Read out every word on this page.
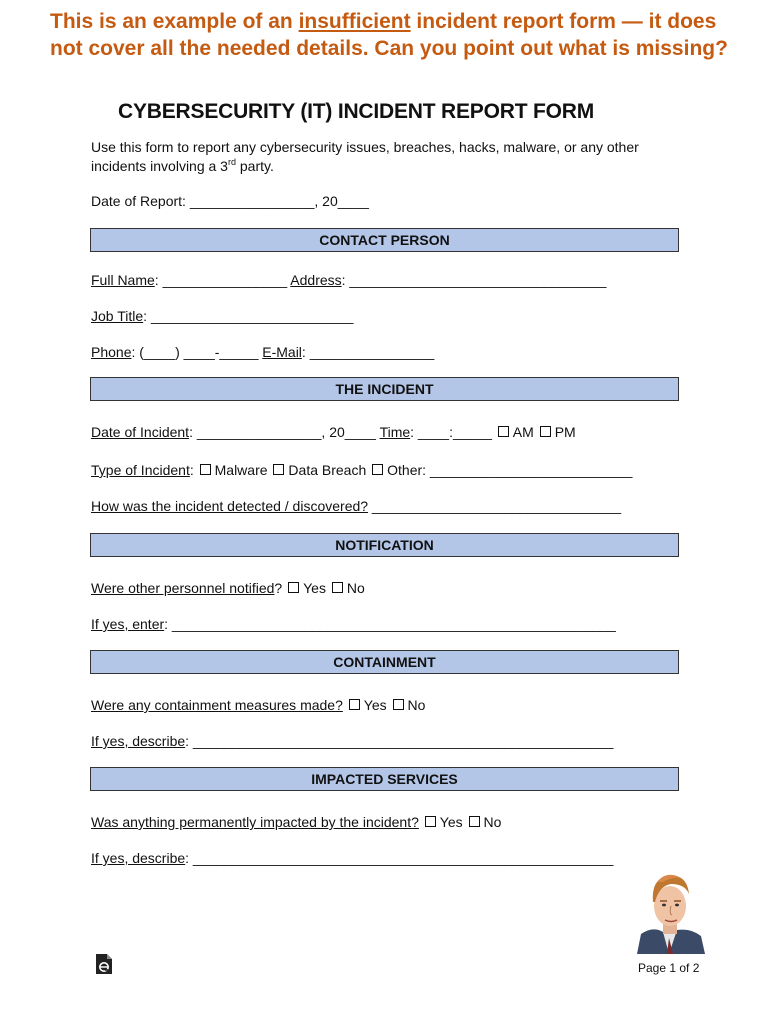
This is an example of an insufficient incident report form — it does not cover all the needed details. Can you point out what is missing?
CYBERSECURITY (IT) INCIDENT REPORT FORM
Use this form to report any cybersecurity issues, breaches, hacks, malware, or any other incidents involving a 3rd party.
Date of Report: ________________, 20____
CONTACT PERSON
Full Name: ________________ Address: _________________________________
Job Title: __________________________
Phone: (____) ____-_____ E-Mail: ________________
THE INCIDENT
Date of Incident: ________________, 20____ Time: ____:_____ AM PM
Type of Incident: Malware Data Breach Other: __________________________
How was the incident detected / discovered? ________________________________
NOTIFICATION
Were other personnel notified? Yes No
If yes, enter: _________________________________________________________
CONTAINMENT
Were any containment measures made? Yes No
If yes, describe: ______________________________________________________
IMPACTED SERVICES
Was anything permanently impacted by the incident? Yes No
If yes, describe: ______________________________________________________
Page 1 of 2
